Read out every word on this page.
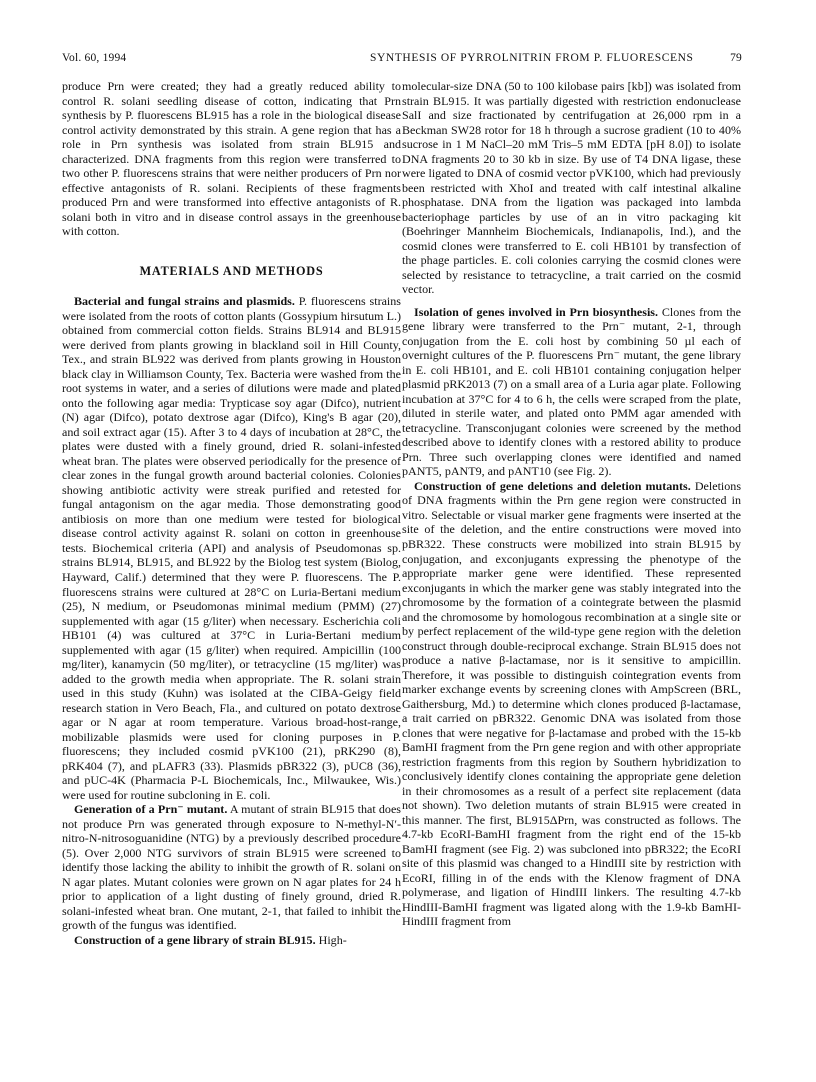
Vol. 60, 1994	SYNTHESIS OF PYRROLNITRIN FROM P. FLUORESCENS	79

produce Prn were created; they had a greatly reduced ability to control R. solani seedling disease of cotton, indicating that Prn synthesis by P. fluorescens BL915 has a role in the biological disease control activity demonstrated by this strain. A gene region that has a role in Prn synthesis was isolated from strain BL915 and characterized. DNA fragments from this region were transferred to two other P. fluorescens strains that were neither producers of Prn nor effective antagonists of R. solani. Recipients of these fragments produced Prn and were transformed into effective antagonists of R. solani both in vitro and in disease control assays in the greenhouse with cotton.

MATERIALS AND METHODS

Bacterial and fungal strains and plasmids. P. fluorescens strains were isolated from the roots of cotton plants (Gossypium hirsutum L.) obtained from commercial cotton fields. Strains BL914 and BL915 were derived from plants growing in blackland soil in Hill County, Tex., and strain BL922 was derived from plants growing in Houston black clay in Williamson County, Tex. Bacteria were washed from the root systems in water, and a series of dilutions were made and plated onto the following agar media: Trypticase soy agar (Difco), nutrient (N) agar (Difco), potato dextrose agar (Difco), King's B agar (20), and soil extract agar (15). After 3 to 4 days of incubation at 28°C, the plates were dusted with a finely ground, dried R. solani-infested wheat bran. The plates were observed periodically for the presence of clear zones in the fungal growth around bacterial colonies. Colonies showing antibiotic activity were streak purified and retested for fungal antagonism on the agar media. Those demonstrating good antibiosis on more than one medium were tested for biological disease control activity against R. solani on cotton in greenhouse tests. Biochemical criteria (API) and analysis of Pseudomonas sp. strains BL914, BL915, and BL922 by the Biolog test system (Biolog, Hayward, Calif.) determined that they were P. fluorescens. The P. fluorescens strains were cultured at 28°C on Luria-Bertani medium (25), N medium, or Pseudomonas minimal medium (PMM) (27) supplemented with agar (15 g/liter) when necessary. Escherichia coli HB101 (4) was cultured at 37°C in Luria-Bertani medium supplemented with agar (15 g/liter) when required. Ampicillin (100 mg/liter), kanamycin (50 mg/liter), or tetracycline (15 mg/liter) was added to the growth media when appropriate. The R. solani strain used in this study (Kuhn) was isolated at the CIBA-Geigy field research station in Vero Beach, Fla., and cultured on potato dextrose agar or N agar at room temperature. Various broad-host-range, mobilizable plasmids were used for cloning purposes in P. fluorescens; they included cosmid pVK100 (21), pRK290 (8), pRK404 (7), and pLAFR3 (33). Plasmids pBR322 (3), pUC8 (36), and pUC-4K (Pharmacia P-L Biochemicals, Inc., Milwaukee, Wis.) were used for routine subcloning in E. coli.

Generation of a Prn⁻ mutant. A mutant of strain BL915 that does not produce Prn was generated through exposure to N-methyl-N′-nitro-N-nitrosoguanidine (NTG) by a previously described procedure (5). Over 2,000 NTG survivors of strain BL915 were screened to identify those lacking the ability to inhibit the growth of R. solani on N agar plates. Mutant colonies were grown on N agar plates for 24 h prior to application of a light dusting of finely ground, dried R. solani-infested wheat bran. One mutant, 2-1, that failed to inhibit the growth of the fungus was identified.

Construction of a gene library of strain BL915. High-

molecular-size DNA (50 to 100 kilobase pairs [kb]) was isolated from strain BL915. It was partially digested with restriction endonuclease SalI and size fractionated by centrifugation at 26,000 rpm in a Beckman SW28 rotor for 18 h through a sucrose gradient (10 to 40% sucrose in 1 M NaCl–20 mM Tris–5 mM EDTA [pH 8.0]) to isolate DNA fragments 20 to 30 kb in size. By use of T4 DNA ligase, these were ligated to DNA of cosmid vector pVK100, which had previously been restricted with XhoI and treated with calf intestinal alkaline phosphatase. DNA from the ligation was packaged into lambda bacteriophage particles by use of an in vitro packaging kit (Boehringer Mannheim Biochemicals, Indianapolis, Ind.), and the cosmid clones were transferred to E. coli HB101 by transfection of the phage particles. E. coli colonies carrying the cosmid clones were selected by resistance to tetracycline, a trait carried on the cosmid vector.

Isolation of genes involved in Prn biosynthesis. Clones from the gene library were transferred to the Prn⁻ mutant, 2-1, through conjugation from the E. coli host by combining 50 µl each of overnight cultures of the P. fluorescens Prn⁻ mutant, the gene library in E. coli HB101, and E. coli HB101 containing conjugation helper plasmid pRK2013 (7) on a small area of a Luria agar plate. Following incubation at 37°C for 4 to 6 h, the cells were scraped from the plate, diluted in sterile water, and plated onto PMM agar amended with tetracycline. Transconjugant colonies were screened by the method described above to identify clones with a restored ability to produce Prn. Three such overlapping clones were identified and named pANT5, pANT9, and pANT10 (see Fig. 2).

Construction of gene deletions and deletion mutants. Deletions of DNA fragments within the Prn gene region were constructed in vitro. Selectable or visual marker gene fragments were inserted at the site of the deletion, and the entire constructions were moved into pBR322. These constructs were mobilized into strain BL915 by conjugation, and exconjugants expressing the phenotype of the appropriate marker gene were identified. These represented exconjugants in which the marker gene was stably integrated into the chromosome by the formation of a cointegrate between the plasmid and the chromosome by homologous recombination at a single site or by perfect replacement of the wild-type gene region with the deletion construct through double-reciprocal exchange. Strain BL915 does not produce a native β-lactamase, nor is it sensitive to ampicillin. Therefore, it was possible to distinguish cointegration events from marker exchange events by screening clones with AmpScreen (BRL, Gaithersburg, Md.) to determine which clones produced β-lactamase, a trait carried on pBR322. Genomic DNA was isolated from those clones that were negative for β-lactamase and probed with the 15-kb BamHI fragment from the Prn gene region and with other appropriate restriction fragments from this region by Southern hybridization to conclusively identify clones containing the appropriate gene deletion in their chromosomes as a result of a perfect site replacement (data not shown). Two deletion mutants of strain BL915 were created in this manner. The first, BL915ΔPrn, was constructed as follows. The 4.7-kb EcoRI-BamHI fragment from the right end of the 15-kb BamHI fragment (see Fig. 2) was subcloned into pBR322; the EcoRI site of this plasmid was changed to a HindIII site by restriction with EcoRI, filling in of the ends with the Klenow fragment of DNA polymerase, and ligation of HindIII linkers. The resulting 4.7-kb HindIII-BamHI fragment was ligated along with the 1.9-kb BamHI-HindIII fragment from
